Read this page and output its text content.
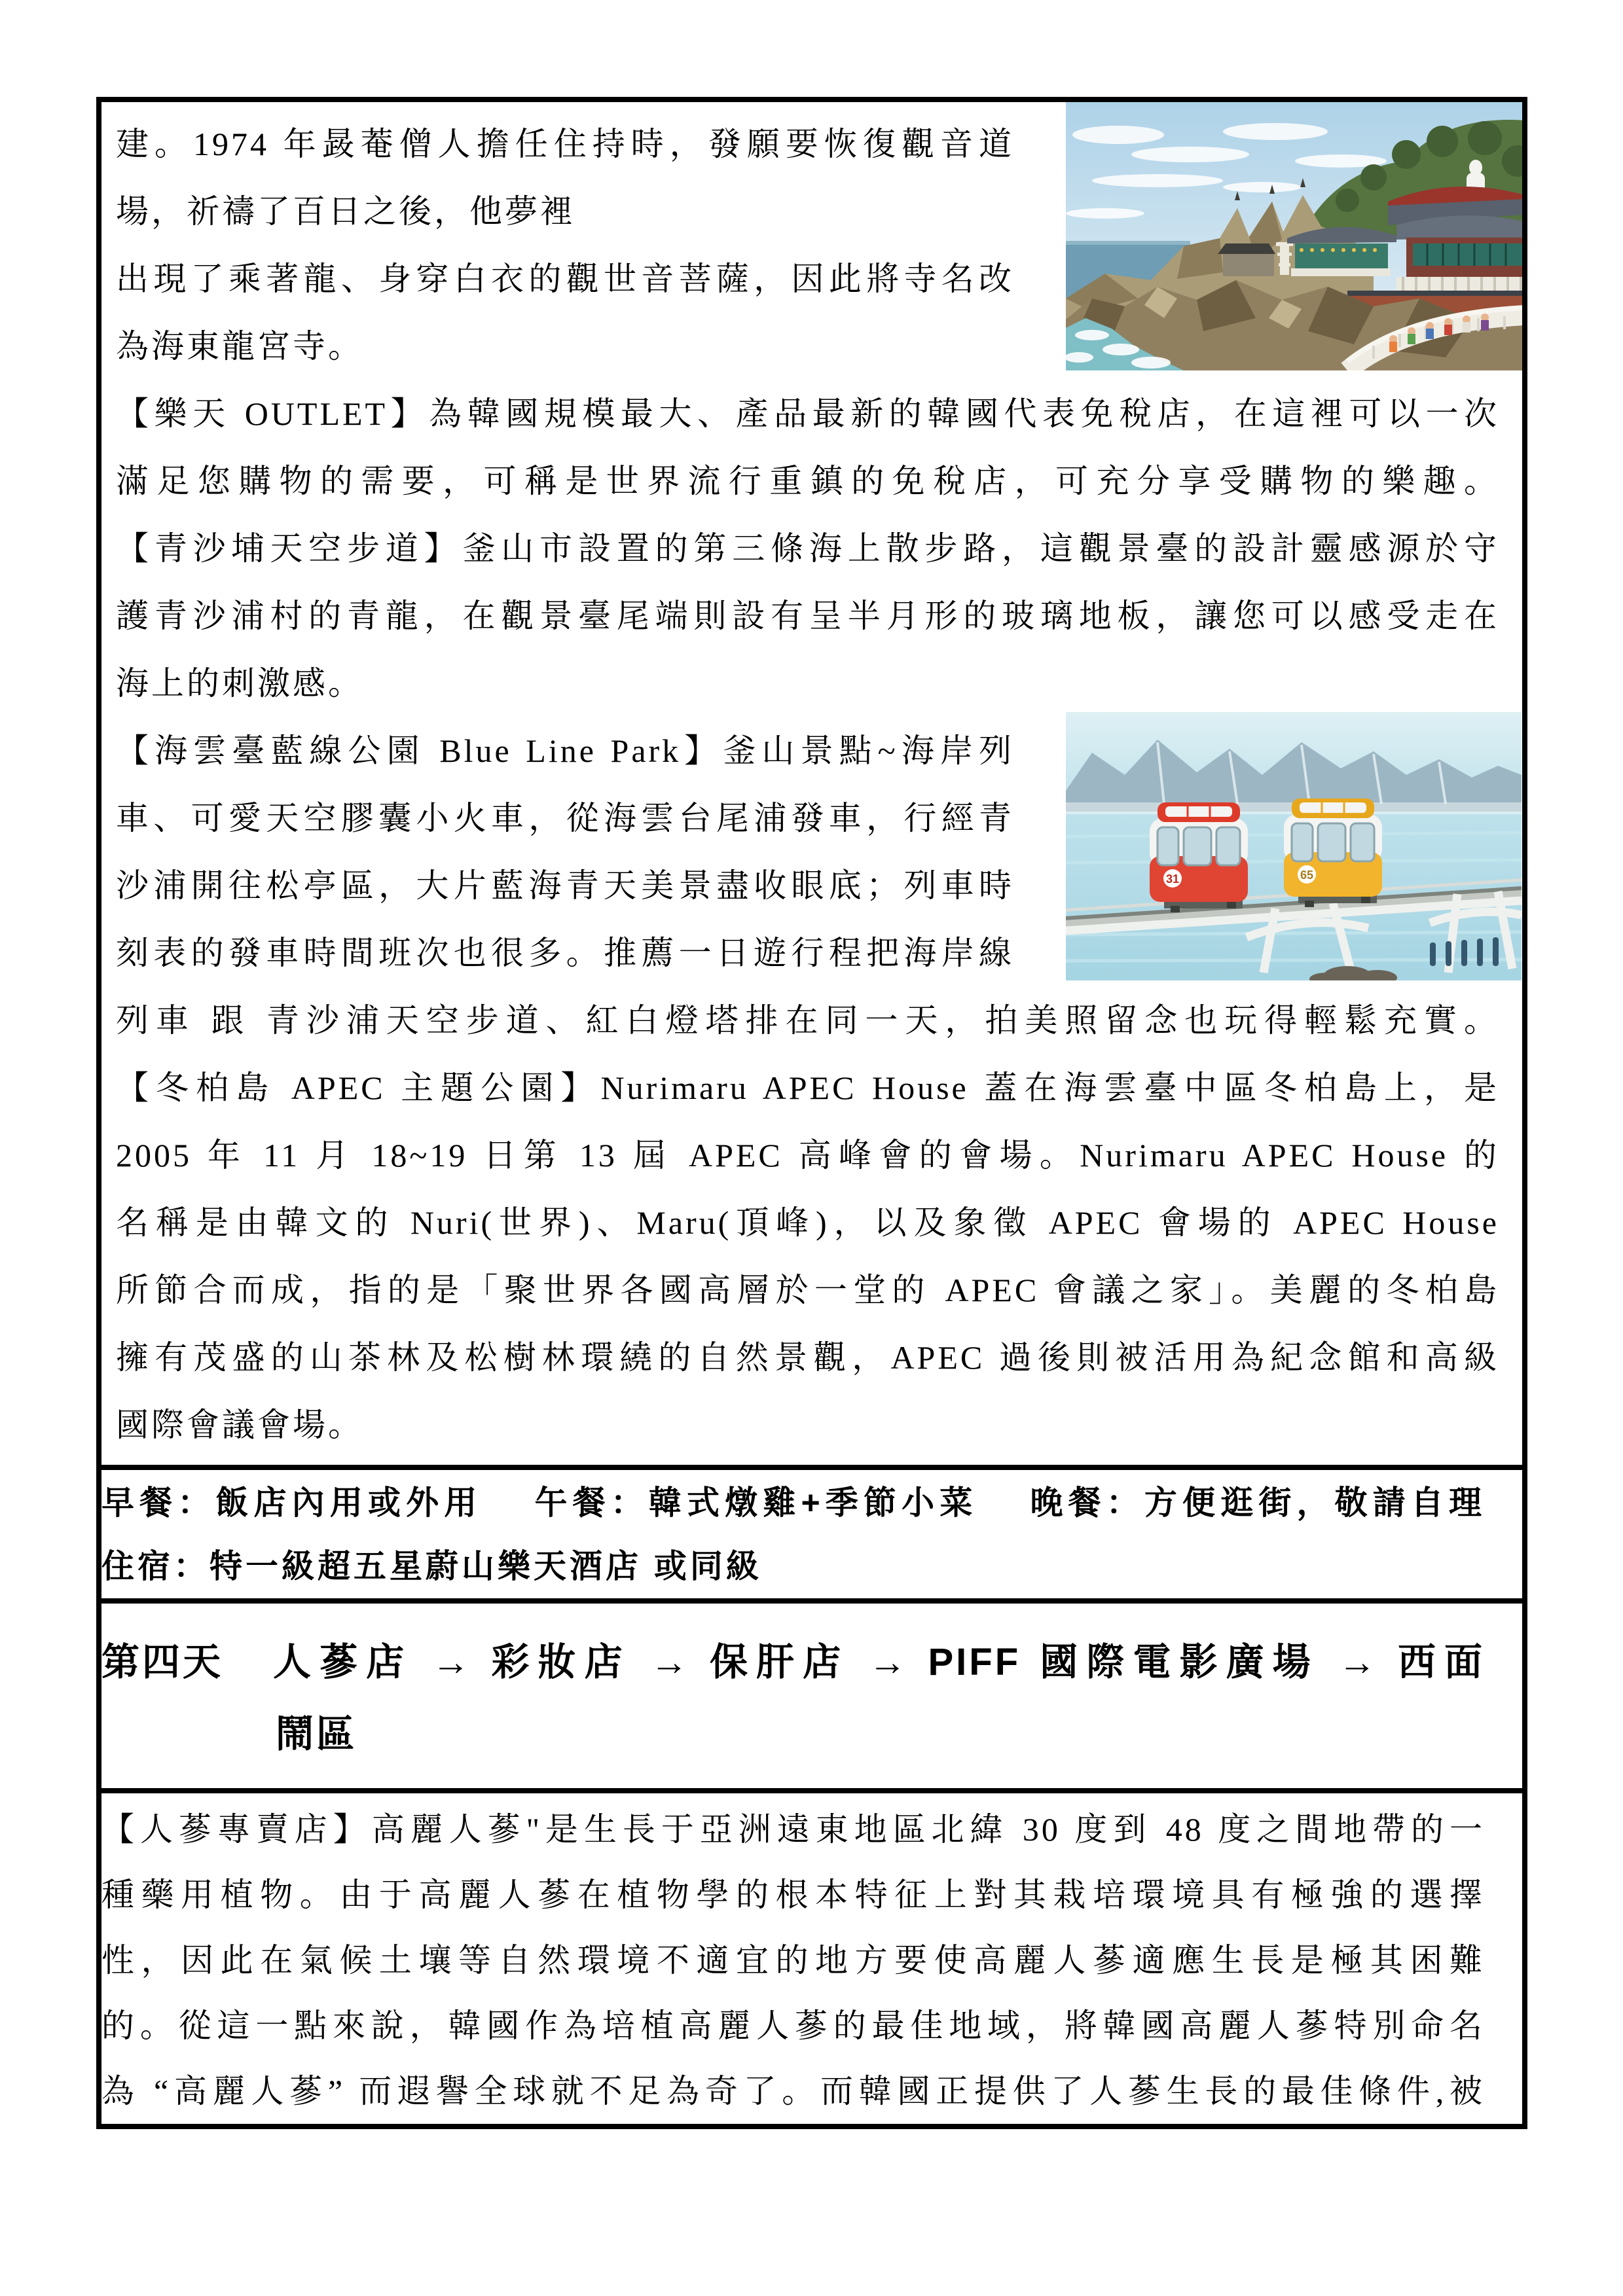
31	65
建。1974 年晸菴僧人擔任住持時，發願要恢復觀音道
場，祈禱了百日之後，他夢裡
出現了乘著龍、身穿白衣的觀世音菩薩，因此將寺名改
為海東龍宮寺。
【樂天 OUTLET】為韓國規模最大、產品最新的韓國代表免稅店，在這裡可以一次
滿足您購物的需要，可稱是世界流行重鎮的免稅店，可充分享受購物的樂趣。
【青沙埔天空步道】釜山市設置的第三條海上散步路，這觀景臺的設計靈感源於守
護青沙浦村的青龍，在觀景臺尾端則設有呈半月形的玻璃地板，讓您可以感受走在
海上的刺激感。
【海雲臺藍線公園 Blue Line Park】釜山景點~海岸列
車、可愛天空膠囊小火車，從海雲台尾浦發車，行經青
沙浦開往松亭區，大片藍海青天美景盡收眼底；列車時
刻表的發車時間班次也很多。推薦一日遊行程把海岸線
列車 跟 青沙浦天空步道、紅白燈塔排在同一天，拍美照留念也玩得輕鬆充實。
【冬柏島 APEC 主題公園】Nurimaru APEC House 蓋在海雲臺中區冬柏島上，是
2005 年 11 月 18~19 日第 13 屆 APEC 高峰會的會場。Nurimaru APEC House 的
名稱是由韓文的 Nuri(世界)、Maru(頂峰)，以及象徵 APEC 會場的 APEC House
所節合而成，指的是「聚世界各國高層於一堂的 APEC 會議之家」。美麗的冬柏島
擁有茂盛的山茶林及松樹林環繞的自然景觀，APEC 過後則被活用為紀念館和高級
國際會議會場。
早餐：飯店內用或外用　 午餐：韓式燉雞+季節小菜　 晚餐：方便逛街，敬請自理
住宿：特一級超五星蔚山樂天酒店 或同級
第四天 人蔘店 → 彩妝店 → 保肝店 → PIFF 國際電影廣場 → 西面
鬧區
【人蔘專賣店】高麗人蔘"是生長于亞洲遠東地區北緯 30 度到 48 度之間地帶的一
種藥用植物。由于高麗人蔘在植物學的根本特征上對其栽培環境具有極強的選擇
性，因此在氣候土壤等自然環境不適宜的地方要使高麗人蔘適應生長是極其困難
的。從這一點來說，韓國作為培植高麗人蔘的最佳地域，將韓國高麗人蔘特別命名
為 “高麗人蔘” 而遐譽全球就不足為奇了。而韓國正提供了人蔘生長的最佳條件,被
